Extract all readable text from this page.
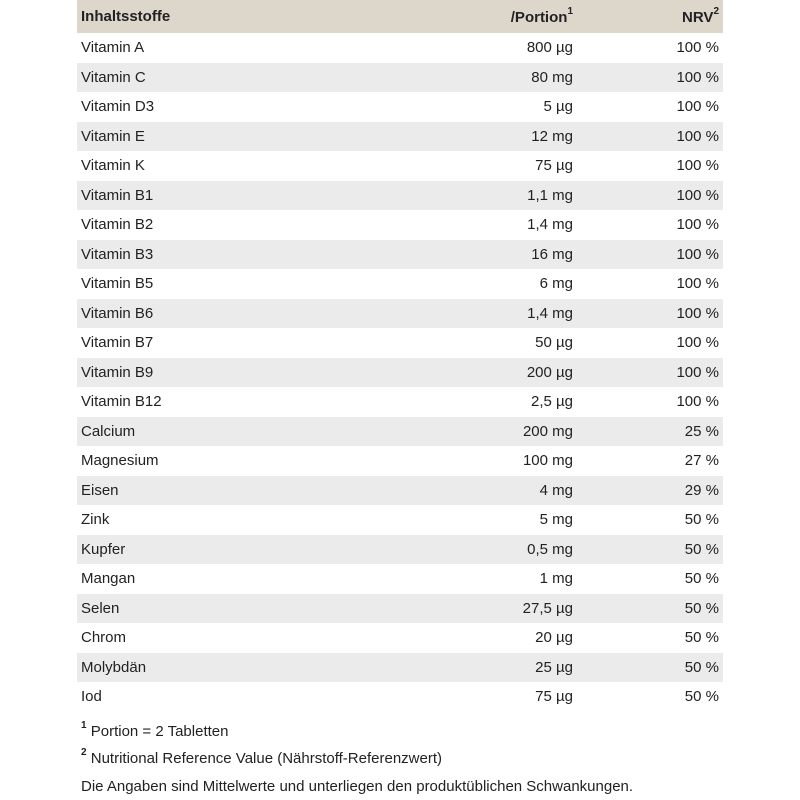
Inhaltsstoffe	/Portion$^1$	NRV$^2$
Vitamin A	800 µg	100 %
Vitamin C	80 mg	100 %
Vitamin D3	5 µg	100 %
Vitamin E	12 mg	100 %
Vitamin K	75 µg	100 %
Vitamin B1	1,1 mg	100 %
Vitamin B2	1,4 mg	100 %
Vitamin B3	16 mg	100 %
Vitamin B5	6 mg	100 %
Vitamin B6	1,4 mg	100 %
Vitamin B7	50 µg	100 %
Vitamin B9	200 µg	100 %
Vitamin B12	2,5 µg	100 %
Calcium	200 mg	25 %
Magnesium	100 mg	27 %
Eisen	4 mg	29 %
Zink	5 mg	50 %
Kupfer	0,5 mg	50 %
Mangan	1 mg	50 %
Selen	27,5 µg	50 %
Chrom	20 µg	50 %
Molybdän	25 µg	50 %
Iod	75 µg	50 %
$^1$ Portion = 2 Tabletten
$^2$ Nutritional Reference Value (Nährstoff-Referenzwert)
Die Angaben sind Mittelwerte und unterliegen den produktüblichen Schwankungen.
